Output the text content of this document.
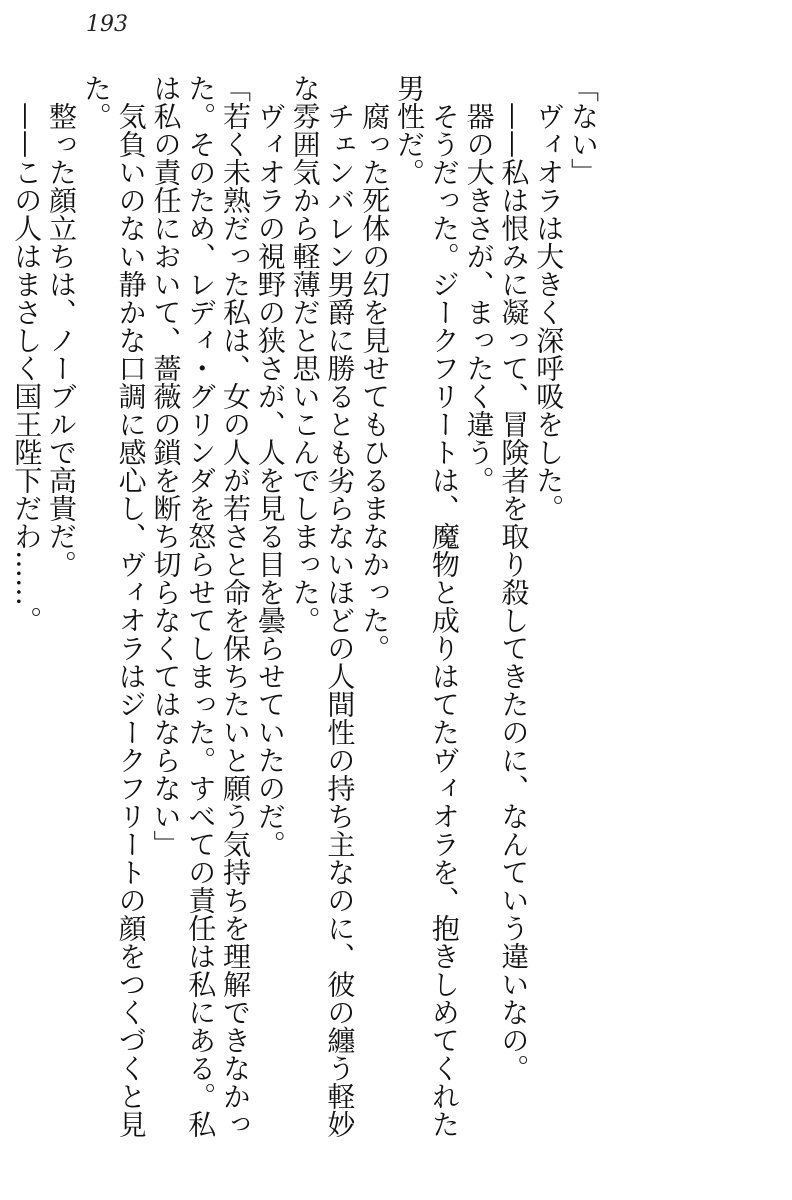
193
「ない」
　ヴィオラは大きく深呼吸をした。
　——私は恨みに凝って、冒険者を取り殺してきたのに、なんていう違いなの。
　器の大きさが、まったく違う。
　そうだった。ジークフリートは、魔物と成りはてたヴィオラを、抱きしめてくれた
男性だ。
　腐った死体の幻を見せてもひるまなかった。
　チェンバレン男爵に勝るとも劣らないほどの人間性の持ち主なのに、彼の纏う軽妙
な雰囲気から軽薄だと思いこんでしまった。
　ヴィオラの視野の狭さが、人を見る目を曇らせていたのだ。
「若く未熟だった私は、女の人が若さと命を保ちたいと願う気持ちを理解できなかっ
た。そのため、レディ・グリンダを怒らせてしまった。すべての責任は私にある。私
は私の責任において、薔薇の鎖を断ち切らなくてはならない」
　気負いのない静かな口調に感心し、ヴィオラはジークフリートの顔をつくづくと見
た。
　整った顔立ちは、ノーブルで高貴だ。
　——この人はまさしく国王陛下だわ……。
